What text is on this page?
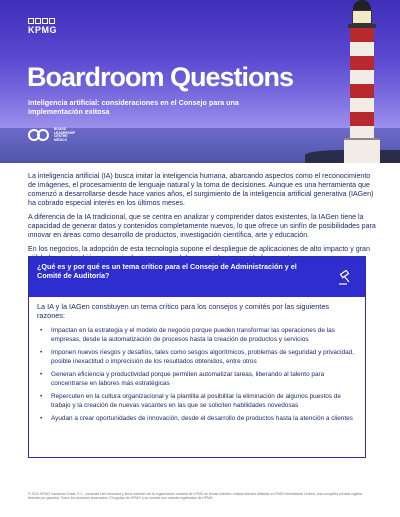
KPMG
Boardroom Questions
Inteligencia artificial: consideraciones en el Consejo para una implementación exitosa
BOARD LEADERSHIP CENTRE MÉXICO

La inteligencia artificial (IA) busca imitar la inteligencia humana, abarcando aspectos como el reconocimiento de imágenes, el procesamiento de lenguaje natural y la toma de decisiones. Aunque es una herramienta que comenzó a desarrollarse desde hace varios años, el surgimiento de la inteligencia artificial generativa (IAGen) ha cobrado especial interés en los últimos meses.

A diferencia de la IA tradicional, que se centra en analizar y comprender datos existentes, la IAGen tiene la capacidad de generar datos y contenidos completamente nuevos, lo que ofrece un sinfín de posibilidades para innovar en áreas como desarrollo de productos, investigación científica, arte y educación.

En los negocios, la adopción de esta tecnología supone el despliegue de aplicaciones de alto impacto y gran

¿Qué es y por qué es un tema crítico para el Consejo de Administración y el Comité de Auditoría?

La IA y la IAGen constituyen un tema crítico para los consejos y comités por las siguientes razones:

• Impactan en la estrategia y el modelo de negocio porque pueden transformar las operaciones de las empresas, desde la automatización de procesos hasta la creación de productos y servicios
• Imponen nuevos riesgos y desafíos, tales como sesgos algorítmicos, problemas de seguridad y privacidad, posible inexactitud o imprecisión de los resultados obtenidos, entre otros
• Generan eficiencia y productividad porque permiten automatizar tareas, liberando al talento para concentrarse en labores más estratégicas
• Repercuten en la cultura organizacional y la plantilla al posibilitar la eliminación de algunos puestos de trabajo y la creación de nuevas vacantes en las que se soliciten habilidades novedosas
• Ayudan a crear oportunidades de innovación, desde el desarrollo de productos hasta la atención a clientes
© 2024 KPMG Cárdenas Dosal, S.C., sociedad civil mexicana y firma miembro de la organización mundial de KPMG de firmas miembro independientes afiliadas a KPMG International Limited, una compañía privada inglesa limitada por garantía. Todos los derechos reservados. El logotipo de KPMG y su nombre son marcas registradas de KPMG.
